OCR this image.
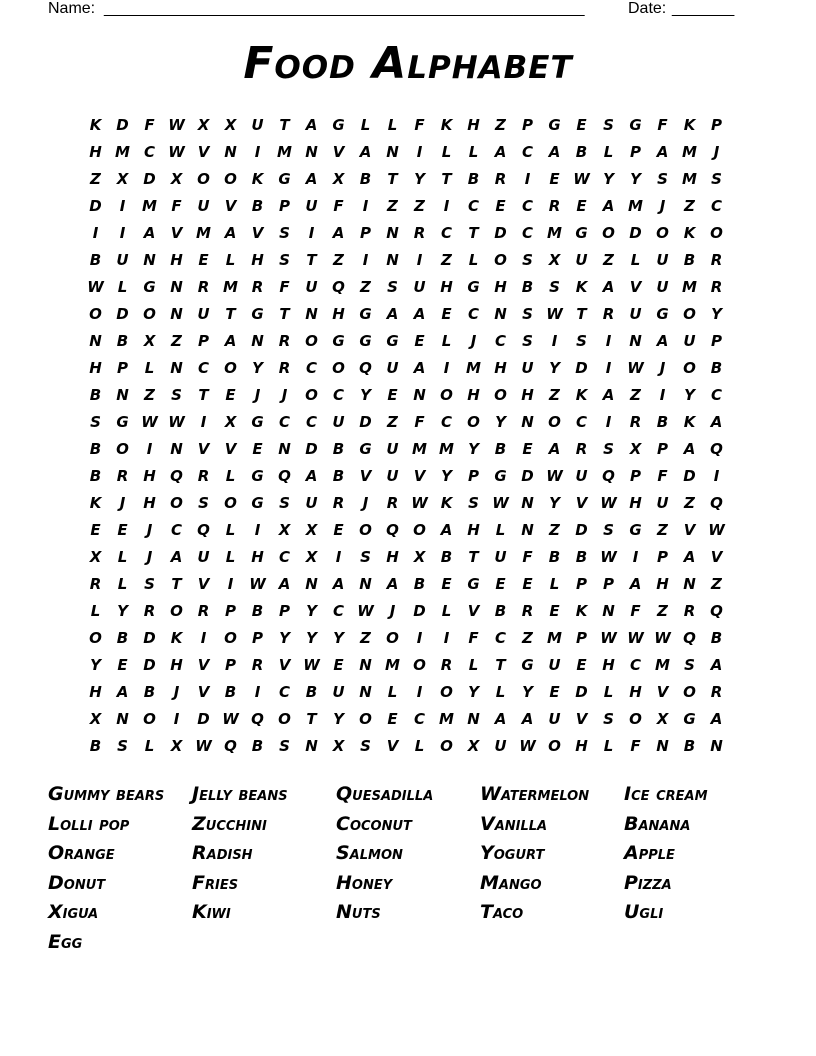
Name: ______________________________________________________	Date: _______
Food Alphabet
K D	F W X	X	U	T	A	G	L	L	F	K H	Z	P	G	E	S	G	F	K	P
H M C W V N	I	M N V	A N	I	L	L	A	C	A	B	L	P	A M	J
Z	X D X O O K	G	A	X	B	T	Y	T	B	R	I	E W Y	Y	S M S
D	I	M F	U	V	B	P	U	F	I	Z	Z	I	C	E	C	R	E	A M	J	Z	C
I	I	A	V M A	V	S	I	A	P	N R	C	T	D	C M G O D O K O
B	U N H	E	L	H	S	T	Z	I	N	I	Z	L	O	S	X	U	Z	L	U	B	R
W L	G N R M R	F	U Q	Z	S	U H G H	B	S	K	A	V	U M R
O D O N U	T	G	T	N H G	A	A	E	C	N	S W T	R	U G O	Y
N	B	X	Z	P	A N R O G G G	E	L	J	C	S	I	S	I	N A	U	P
H	P	L	N	C	O	Y	R	C	O Q U	A	I	M H U	Y	D	I	W	J	O B
B	N	Z	S	T	E	J	J	O	C	Y	E	N O H O H	Z	K	A	Z	I	Y	C
S	G W W	I	X	G	C	C	U D	Z	F	C	O	Y	N O	C	I	R	B	K	A
B O	I	N V	V	E	N D	B	G U M M Y	B	E	A	R	S	X	P	A Q
B	R H Q R	L	G Q A	B	V	U	V	Y	P	G D W U Q	P	F	D	I
K	J	H O	S	O G	S	U	R	J	R W K	S W N	Y	V W H U	Z	Q
E	E	J	C	Q	L	I	X	X	E	O Q O A H	L	N	Z	D	S	G	Z	V W
X	L	J	A	U	L	H	C	X	I	S	H X	B	T	U	F	B	B W	I	P	A	V
R	L	S	T	V	I	W A N A N A	B	E	G	E	E	L	P	P	A H N	Z
L	Y	R O R	P	B	P	Y	C W	J	D	L	V	B	R	E	K N	F	Z	R Q
O B	D K	I	O	P	Y	Y	Y	Z	O	I	I	F	C	Z M P W W W Q B
Y	E	D H V	P	R	V W E	N M O R	L	T	G U	E	H	C M S	A
H A	B	J	V	B	I	C	B	U N	L	I	O	Y	L	Y	E	D	L	H V O R
X N O	I	D W Q O	T	Y	O	E	C M N A	A	U	V	S	O X	G	A
B	S	L	X W Q B	S	N X	S	V	L	O X	U W O H	L	F	N	B	N
Gummy bears	Jelly beans	Quesadilla	Watermelon	Ice cream
Lolli pop	Zucchini	Coconut	Vanilla	Banana
Orange	Radish	Salmon	Yogurt	Apple
Donut	Fries	Honey	Mango	Pizza
Xigua	Kiwi	Nuts	Taco	Ugli
Egg
